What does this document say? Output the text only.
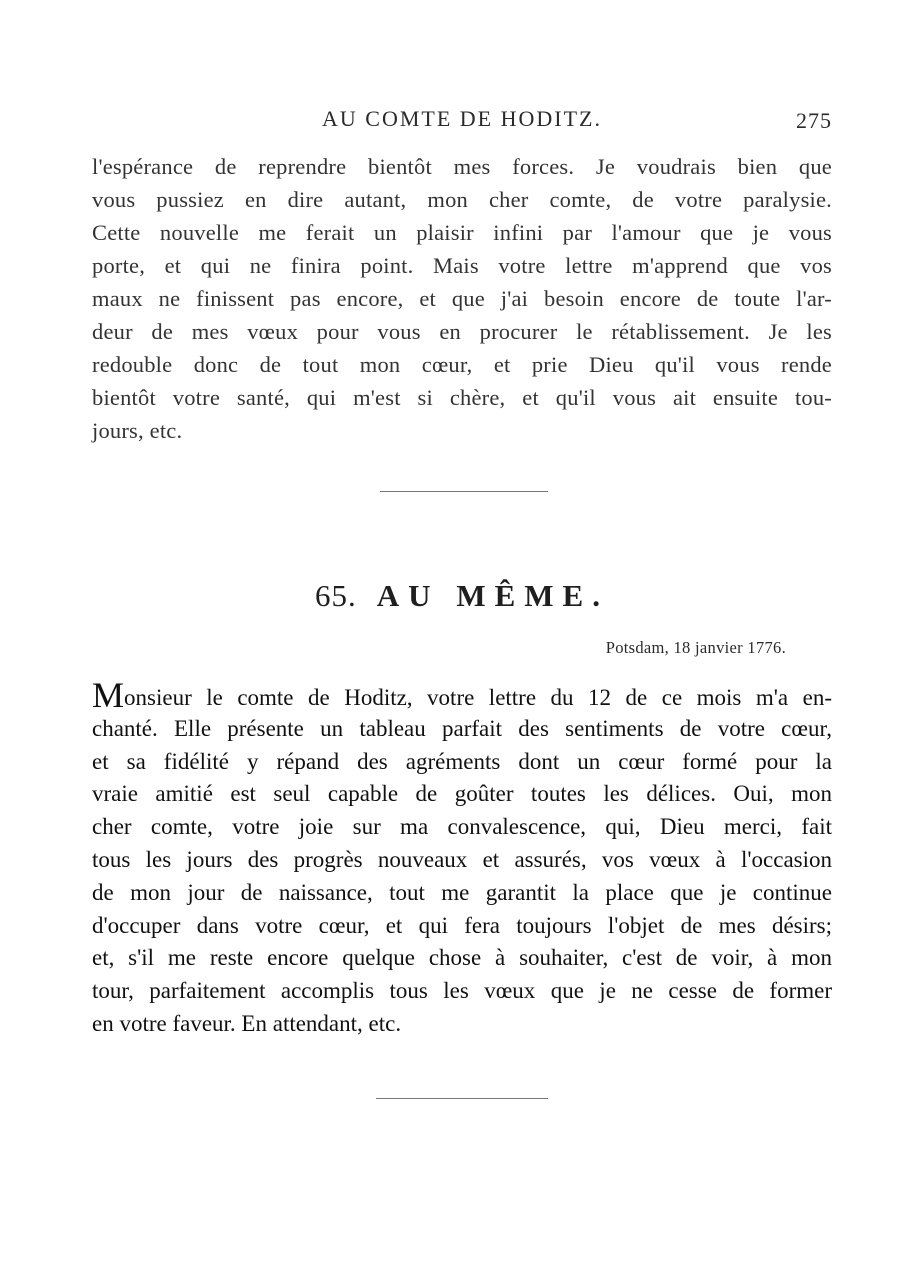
AU COMTE DE HODITZ.	275
l'espérance de reprendre bientôt mes forces. Je voudrais bien que
vous pussiez en dire autant, mon cher comte, de votre paralysie.
Cette nouvelle me ferait un plaisir infini par l'amour que je vous
porte, et qui ne finira point. Mais votre lettre m'apprend que vos
maux ne finissent pas encore, et que j'ai besoin encore de toute l'ar-
deur de mes vœux pour vous en procurer le rétablissement. Je les
redouble donc de tout mon cœur, et prie Dieu qu'il vous rende
bientôt votre santé, qui m'est si chère, et qu'il vous ait ensuite tou-
jours, etc.
65. AU MÊME.
Potsdam, 18 janvier 1776.
Monsieur le comte de Hoditz, votre lettre du 12 de ce mois m'a en-
chanté. Elle présente un tableau parfait des sentiments de votre cœur,
et sa fidélité y répand des agréments dont un cœur formé pour la
vraie amitié est seul capable de goûter toutes les délices. Oui, mon
cher comte, votre joie sur ma convalescence, qui, Dieu merci, fait
tous les jours des progrès nouveaux et assurés, vos vœux à l'occasion
de mon jour de naissance, tout me garantit la place que je continue
d'occuper dans votre cœur, et qui fera toujours l'objet de mes désirs;
et, s'il me reste encore quelque chose à souhaiter, c'est de voir, à mon
tour, parfaitement accomplis tous les vœux que je ne cesse de former
en votre faveur. En attendant, etc.
